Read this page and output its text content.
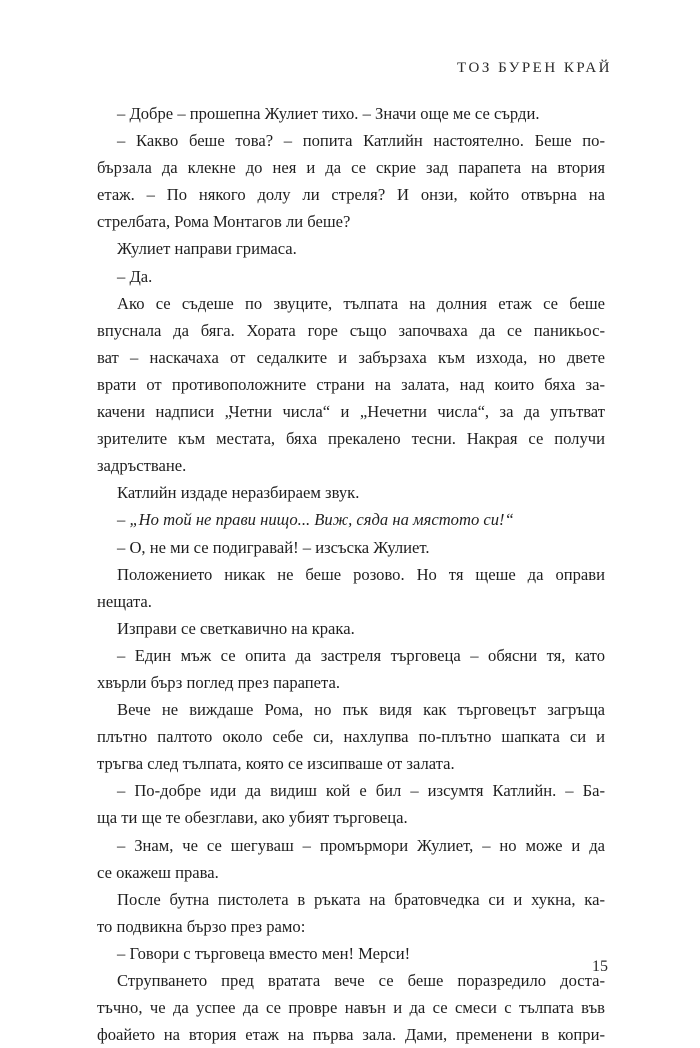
ТОЗ БУРЕН КРАЙ
– Добре – прошепна Жулиет тихо. – Значи още ме се сърди.
– Какво беше това? – попита Катлийн настоятелно. Беше по-
бързала да клекне до нея и да се скрие зад парапета на втория
етаж. – По някого долу ли стреля? И онзи, който отвърна на
стрелбата, Рома Монтагов ли беше?
Жулиет направи гримаса.
– Да.
Ако се съдеше по звуците, тълпата на долния етаж се беше
впуснала да бяга. Хората горе също започваха да се паникьос-
ват – наскачаха от седалките и забързаха към изхода, но двете
врати от противоположните страни на залата, над които бяха за-
качени надписи „Четни числа“ и „Нечетни числа“, за да упътват
зрителите към местата, бяха прекалено тесни. Накрая се получи
задръстване.
Катлийн издаде неразбираем звук.
– „Но той не прави нищо... Виж, сяда на мястото си!“
– О, не ми се подигравай! – изсъска Жулиет.
Положението никак не беше розово. Но тя щеше да оправи
нещата.
Изправи се светкавично на крака.
– Един мъж се опита да застреля търговеца – обясни тя, като
хвърли бърз поглед през парапета.
Вече не виждаше Рома, но пък видя как търговецът загръща
плътно палтото около себе си, нахлупва по-плътно шапката си и
тръгва след тълпата, която се изсипваше от залата.
– По-добре иди да видиш кой е бил – изсумтя Катлийн. – Ба-
ща ти ще те обезглави, ако убият търговеца.
– Знам, че се шегуваш – промърмори Жулиет, – но може и да
се окажеш права.
После бутна пистолета в ръката на братовчедка си и хукна, ка-
то подвикна бързо през рамо:
– Говори с търговеца вместо мен! Мерси!
Струпването пред вратата вече се беше поразредило доста-
тъчно, че да успее да се провре навън и да се смеси с тълпата във
фоайето на втория етаж на първа зала. Дами, пременени в копри-
15
